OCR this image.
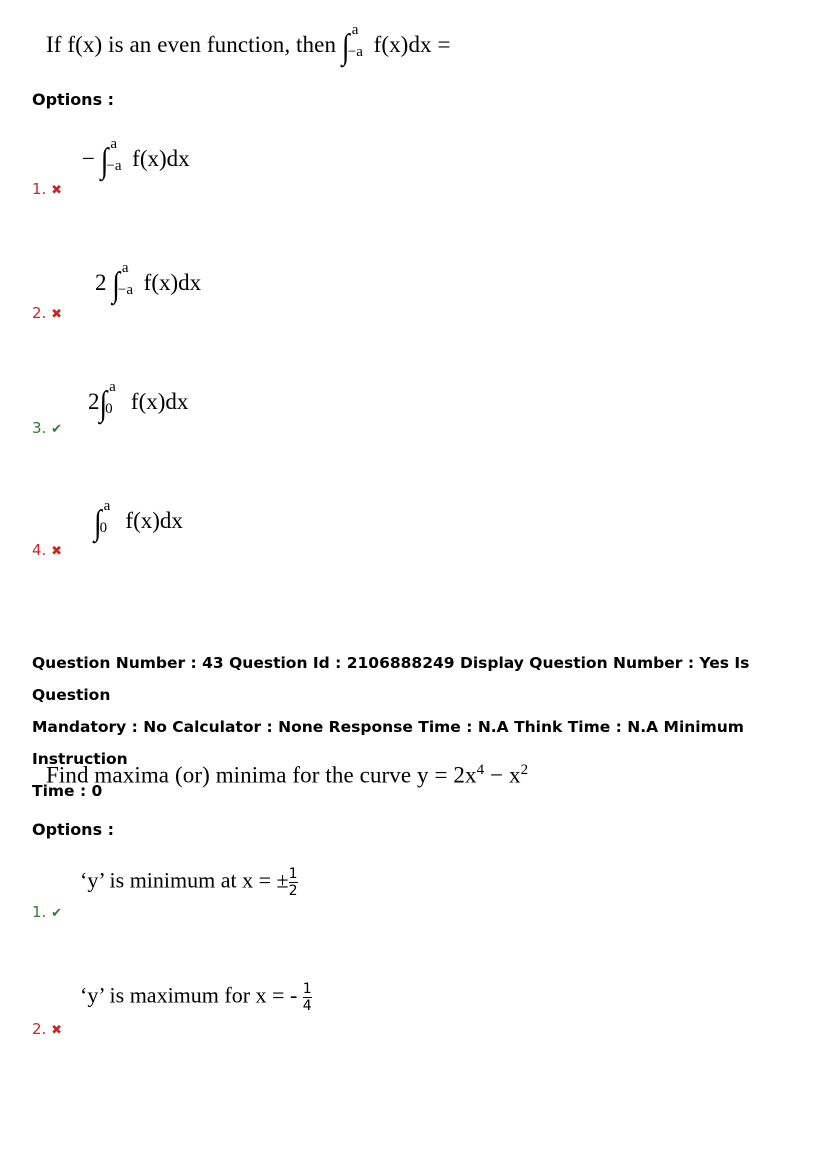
If f(x) is an even function, then ∫ a
−a f(x)dx =
Options :
1. ✖
− ∫ a
−a f(x)dx
2. ✖
2 ∫ a
−a f(x)dx
3. ✔
2∫ a
0 f(x)dx
4. ✖
∫ a
0 f(x)dx
Question Number : 43 Question Id : 2106888249 Display Question Number : Yes Is Question
Mandatory : No Calculator : None Response Time : N.A Think Time : N.A Minimum Instruction
Time : 0
Find maxima (or) minima for the curve $y = 2x^4 - x^2$
Options :
1. ✔
‘y’ is minimum at x = ± $\frac{1}{2}$
2. ✖
‘y’ is maximum for x = - $\frac{1}{4}$
